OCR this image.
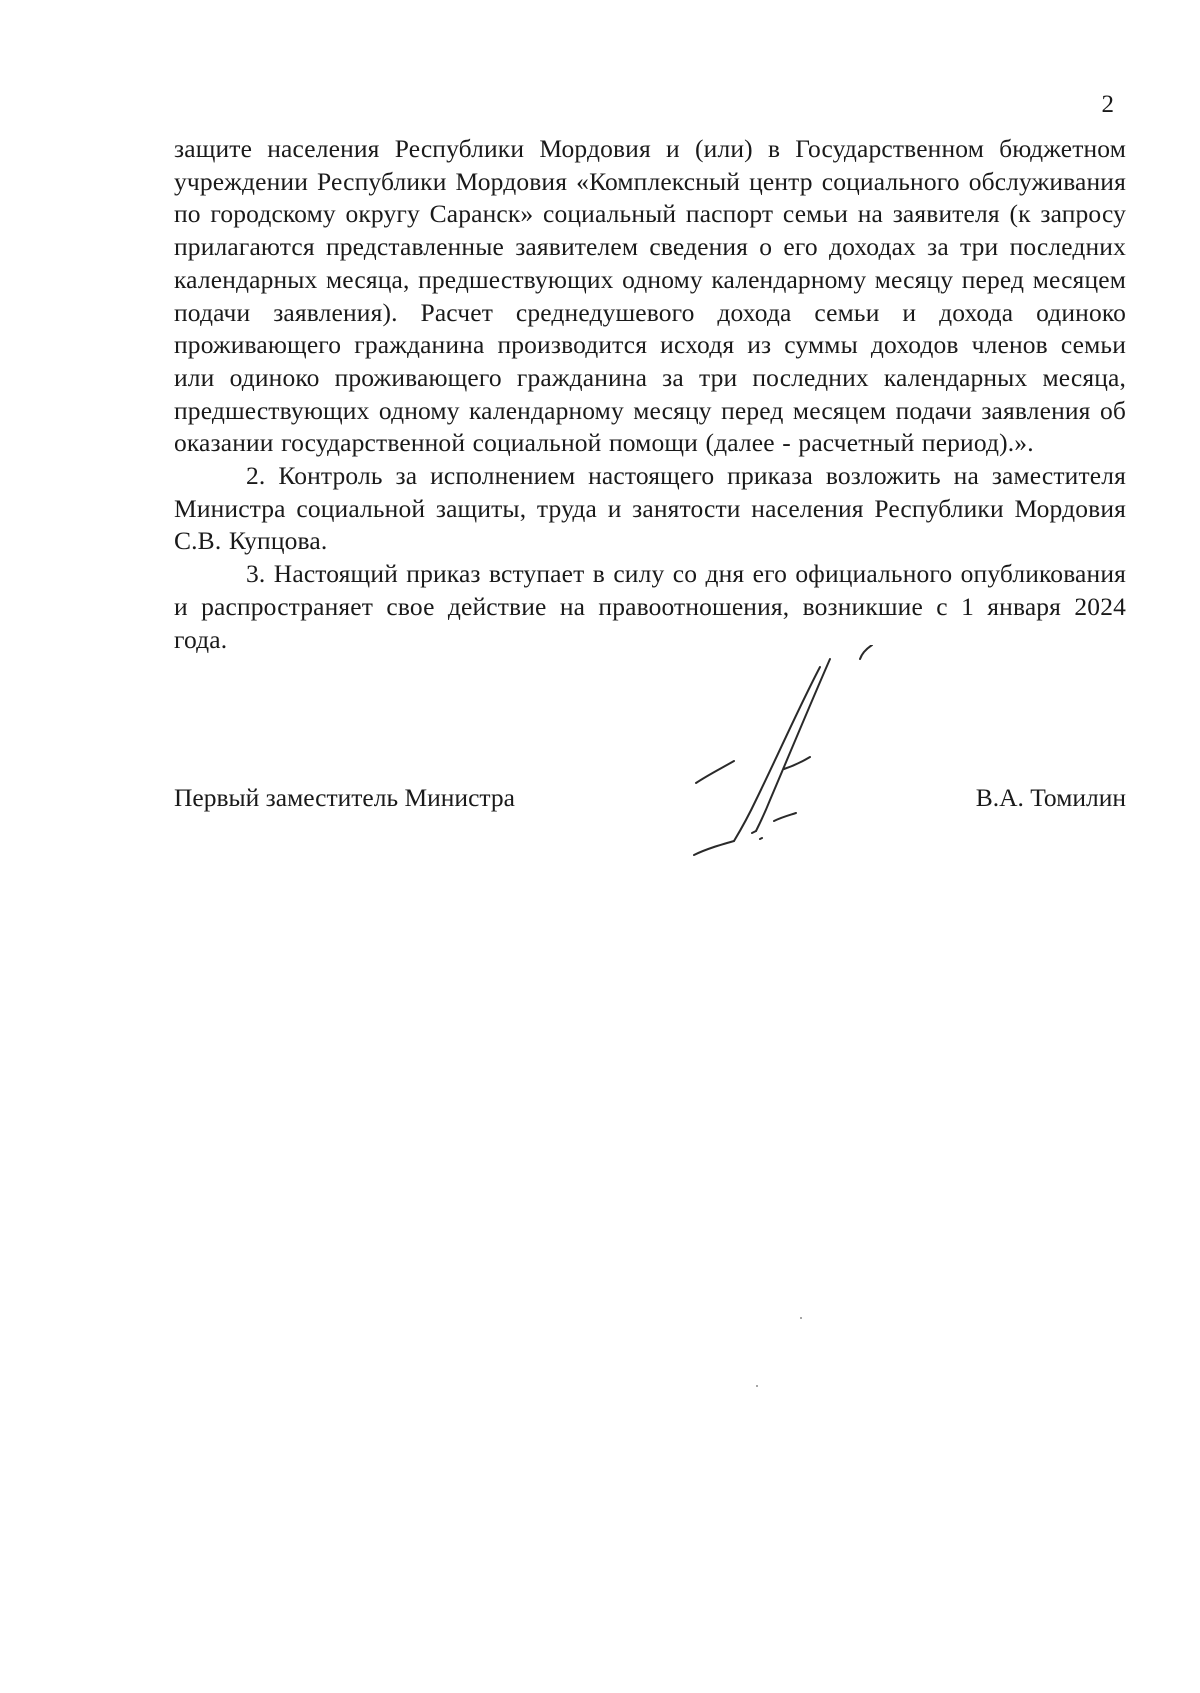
2

защите населения Республики Мордовия и (или) в Государственном бюджетном учреждении Республики Мордовия «Комплексный центр социального обслуживания по городскому округу Саранск» социальный паспорт семьи на заявителя (к запросу прилагаются представленные заявителем сведения о его доходах за три последних календарных месяца, предшествующих одному календарному месяцу перед месяцем подачи заявления). Расчет среднедушевого дохода семьи и дохода одиноко проживающего гражданина производится исходя из суммы доходов членов семьи или одиноко проживающего гражданина за три последних календарных месяца, предшествующих одному календарному месяцу перед месяцем подачи заявления об оказании государственной социальной помощи (далее - расчетный период).».

2. Контроль за исполнением настоящего приказа возложить на заместителя Министра социальной защиты, труда и занятости населения Республики Мордовия С.В. Купцова.

3. Настоящий приказ вступает в силу со дня его официального опубликования и распространяет свое действие на правоотношения, возникшие с 1 января 2024 года.

Первый заместитель Министра	В.А. Томилин
